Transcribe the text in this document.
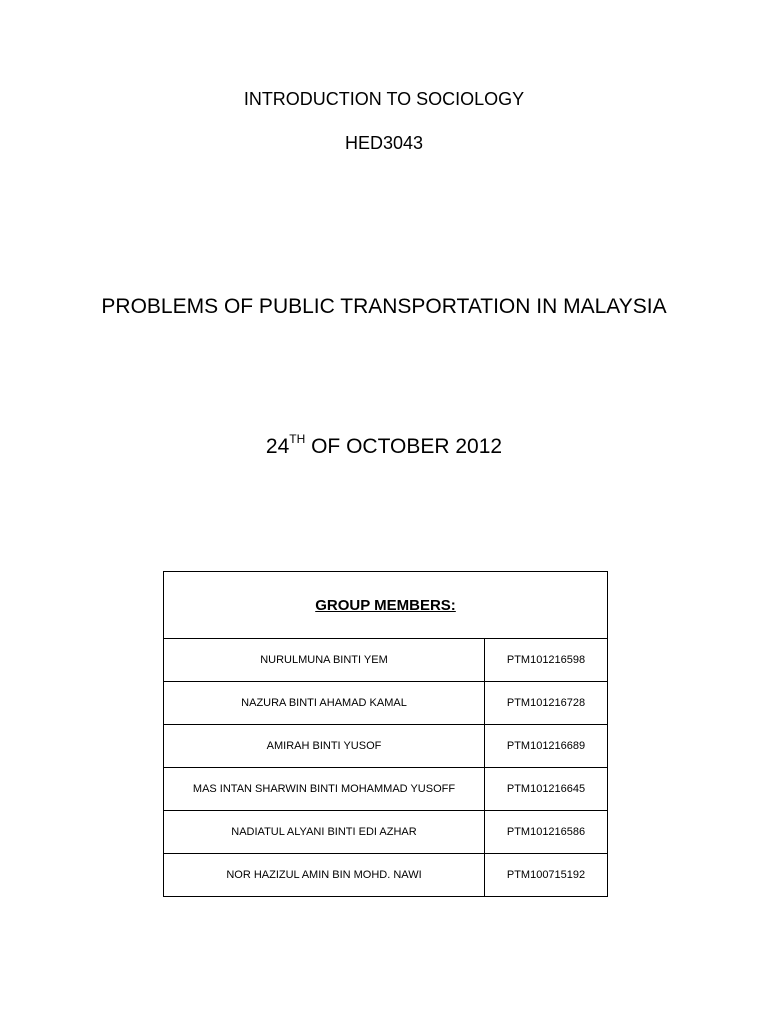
INTRODUCTION TO SOCIOLOGY
HED3043
PROBLEMS OF PUBLIC TRANSPORTATION IN MALAYSIA
24TH OF OCTOBER 2012
GROUP MEMBERS:	
NURULMUNA BINTI YEM	PTM101216598
NAZURA BINTI AHAMAD KAMAL	PTM101216728
AMIRAH BINTI YUSOF	PTM101216689
MAS INTAN SHARWIN BINTI MOHAMMAD YUSOFF	PTM101216645
NADIATUL ALYANI BINTI EDI AZHAR	PTM101216586
NOR HAZIZUL AMIN BIN MOHD. NAWI	PTM100715192
